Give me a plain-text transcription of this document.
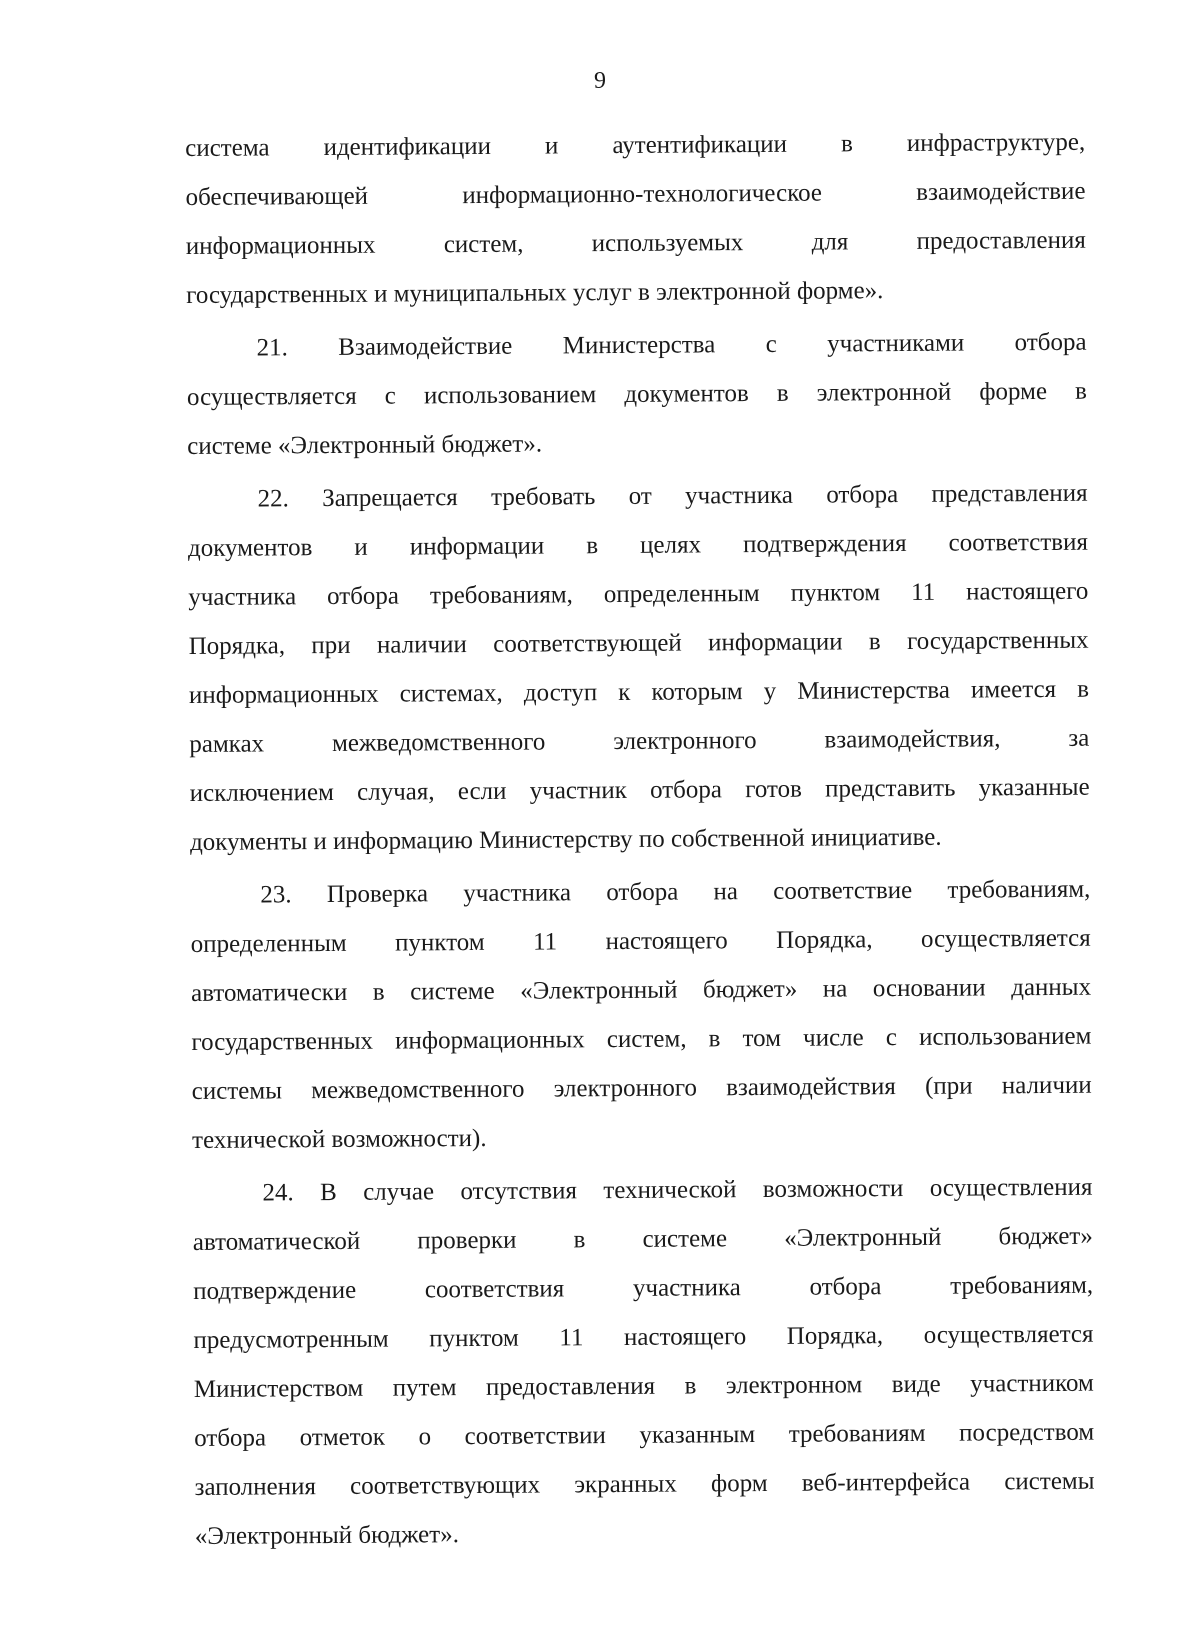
9
система идентификации и аутентификации в инфраструктуре,
обеспечивающей информационно-технологическое взаимодействие
информационных систем, используемых для предоставления
государственных и муниципальных услуг в электронной форме».
21. Взаимодействие Министерства с участниками отбора
осуществляется с использованием документов в электронной форме в
системе «Электронный бюджет».
22. Запрещается требовать от участника отбора представления
документов и информации в целях подтверждения соответствия
участника отбора требованиям, определенным пунктом 11 настоящего
Порядка, при наличии соответствующей информации в государственных
информационных системах, доступ к которым у Министерства имеется в
рамках межведомственного электронного взаимодействия, за
исключением случая, если участник отбора готов представить указанные
документы и информацию Министерству по собственной инициативе.
23. Проверка участника отбора на соответствие требованиям,
определенным пунктом 11 настоящего Порядка, осуществляется
автоматически в системе «Электронный бюджет» на основании данных
государственных информационных систем, в том числе с использованием
системы межведомственного электронного взаимодействия (при наличии
технической возможности).
24. В случае отсутствия технической возможности осуществления
автоматической проверки в системе «Электронный бюджет»
подтверждение соответствия участника отбора требованиям,
предусмотренным пунктом 11 настоящего Порядка, осуществляется
Министерством путем предоставления в электронном виде участником
отбора отметок о соответствии указанным требованиям посредством
заполнения соответствующих экранных форм веб-интерфейса системы
«Электронный бюджет».
